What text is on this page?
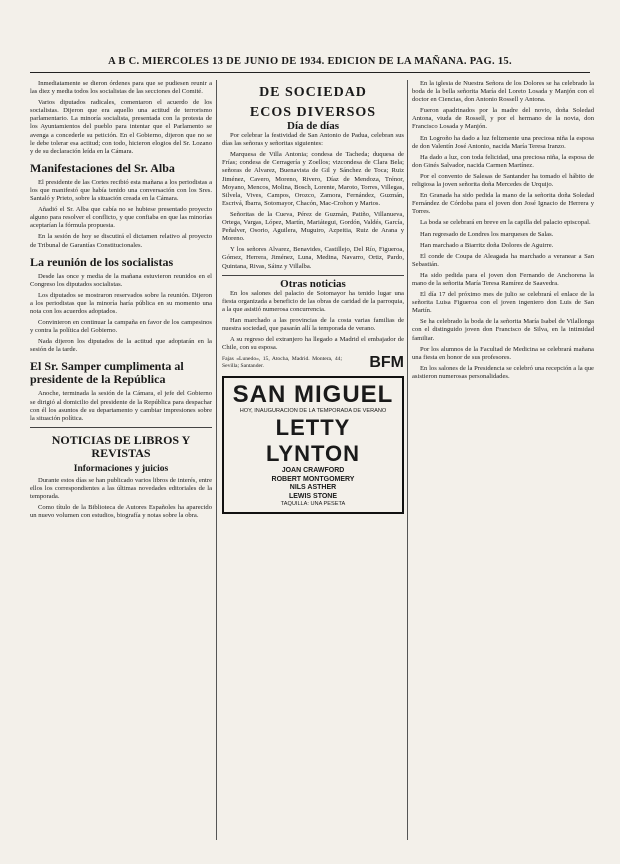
A B C. MIERCOLES 13 DE JUNIO DE 1934. EDICION DE LA MAÑANA. PAG. 15.

Inmediatamente se dieron órdenes para que se pudiesen reunir a las diez y media todos los socialistas de las secciones del Comité.

Varios diputados radicales, comentaron el acuerdo de los socialistas. Dijeron que era aquello una actitud de terrorismo parlamentario. La minoría socialista, presentada con la protesta de los Ayuntamientos del pueblo para intentar que el Parlamento se avenga a concederle su petición. En el Gobierno, dijeron que no se le debe tolerar esa actitud; con todo, hicieron elogios del Sr. Lozano y de su declaración leída en la Cámara.

Manifestaciones del Sr. Alba

El presidente de las Cortes recibió esta mañana a los periodistas a los que manifestó que había tenido una conversación con los Sres. Santaló y Prieto, sobre la situación creada en la Cámara.

Añadió el Sr. Alba que cabía no se hubiese presentado proyecto alguno para resolver el conflicto, y que confiaba en que las minorías aceptarían la fórmula propuesta.

En la sesión de hoy se discutirá el dictamen relativo al proyecto de Tribunal de Garantías Constitucionales.

La reunión de los socialistas

Desde las once y media de la mañana estuvieron reunidos en el Congreso los diputados socialistas.

Los diputados se mostraron reservados sobre la reunión. Dijeron a los periodistas que la minoría haría pública en su momento una nota con los acuerdos adoptados.

Convinieron en continuar la campaña en favor de los campesinos y contra la política del Gobierno.

Nada dijeron los diputados de la actitud que adoptarán en la sesión de la tarde.

El Sr. Samper cumplimenta al presidente de la República

Anoche, terminada la sesión de la Cámara, el jefe del Gobierno se dirigió al domicilio del presidente de la República para despachar con él los asuntos de su departamento y cambiar impresiones sobre la situación política.

NOTICIAS DE LIBROS Y REVISTAS
Informaciones y juicios

Durante estos días se han publicado varios libros de interés, entre ellos los correspondientes a las últimas novedades editoriales de la temporada.

Como título de la Biblioteca de Autores Españoles ha aparecido un nuevo volumen con estudios, biografía y notas sobre la obra.

DE SOCIEDAD
ECOS DIVERSOS
Día de días

Por celebrar la festividad de San Antonio de Padua, celebran sus días las señoras y señoritas siguientes:

Marquesa de Villa Antonia; condesa de Tacheda; duquesa de Frías; condesa de Cerragería y Zoellos; vizcondesa de Clara Bela; señoras de Alvarez, Buenavista de Gil y Sánchez de Toca; Ruiz Jiménez, Cavero, Moreno, Rivero, Díaz de Mendoza, Trénor, Moyano, Mencos, Molina, Bosch, Lorente, Maroto, Torres, Villegas, Silvela, Vives, Campos, Orozco, Zamora, Fernández, Guzmán, Escrivá, Ibarra, Sotomayor, Chacón, Mac-Crohon y Martos.

Señoritas de la Cueva, Pérez de Guzmán, Patiño, Villanueva, Ortega, Vargas, López, Martín, Mariátegui, Gordón, Valdés, García, Peñalver, Osorio, Aguilera, Muguiro, Azpeitia, Ruiz de Arana y Moreno.

Y los señores Alvarez, Benavides, Castillejo, Del Río, Figueroa, Gómez, Herrera, Jiménez, Luna, Medina, Navarro, Ortiz, Pardo, Quintana, Rivas, Sáinz y Villalba.

Otras noticias

En los salones del palacio de Sotomayor ha tenido lugar una fiesta organizada a beneficio de las obras de caridad de la parroquia, a la que asistió numerosa concurrencia.

Han marchado a las provincias de la costa varias familias de nuestra sociedad, que pasarán allí la temporada de verano.

A su regreso del extranjero ha llegado a Madrid el embajador de Chile, con su esposa.

Fajas «Lunedo», 15, Atocha, Madrid. Montera, 44; Sevilla; Santander.	BFM
SAN MIGUEL
HOY, INAUGURACION DE LA TEMPORADA DE VERANO
LETTY LYNTON
JOAN CRAWFORD
ROBERT MONTGOMERY
NILS ASTHER
LEWIS STONE
TAQUILLA: UNA PESETA

En la iglesia de Nuestra Señora de los Dolores se ha celebrado la boda de la bella señorita María del Loreto Losada y Manjón con el doctor en Ciencias, don Antonio Rossell y Antona.

Fueron apadrinados por la madre del novio, doña Soledad Antona, viuda de Rossell, y por el hermano de la novia, don Francisco Losada y Manjón.

En Logroño ha dado a luz felizmente una preciosa niña la esposa de don Valentín José Antonio, nacida María Teresa Iranzo.

Ha dado a luz, con toda felicidad, una preciosa niña, la esposa de don Ginés Salvador, nacida Carmen Martínez.

Por el convento de Salesas de Santander ha tomado el hábito de religiosa la joven señorita doña Mercedes de Urquijo.

En Granada ha sido pedida la mano de la señorita doña Soledad Fernández de Córdoba para el joven don José Ignacio de Herrera y Torres.

La boda se celebrará en breve en la capilla del palacio episcopal.

Han regresado de Londres los marqueses de Salas.

Han marchado a Biarritz doña Dolores de Aguirre.

El conde de Coupa de Aleagada ha marchado a veranear a San Sebastián.

Ha sido pedida para el joven don Fernando de Anchorena la mano de la señorita María Teresa Ramírez de Saavedra.

El día 17 del próximo mes de julio se celebrará el enlace de la señorita Luisa Figueroa con el joven ingeniero don Luis de San Martín.

Se ha celebrado la boda de la señorita María Isabel de Vilallonga con el distinguido joven don Francisco de Silva, en la intimidad familiar.

Por los alumnos de la Facultad de Medicina se celebrará mañana una fiesta en honor de sus profesores.

En los salones de la Presidencia se celebró una recepción a la que asistieron numerosas personalidades.
